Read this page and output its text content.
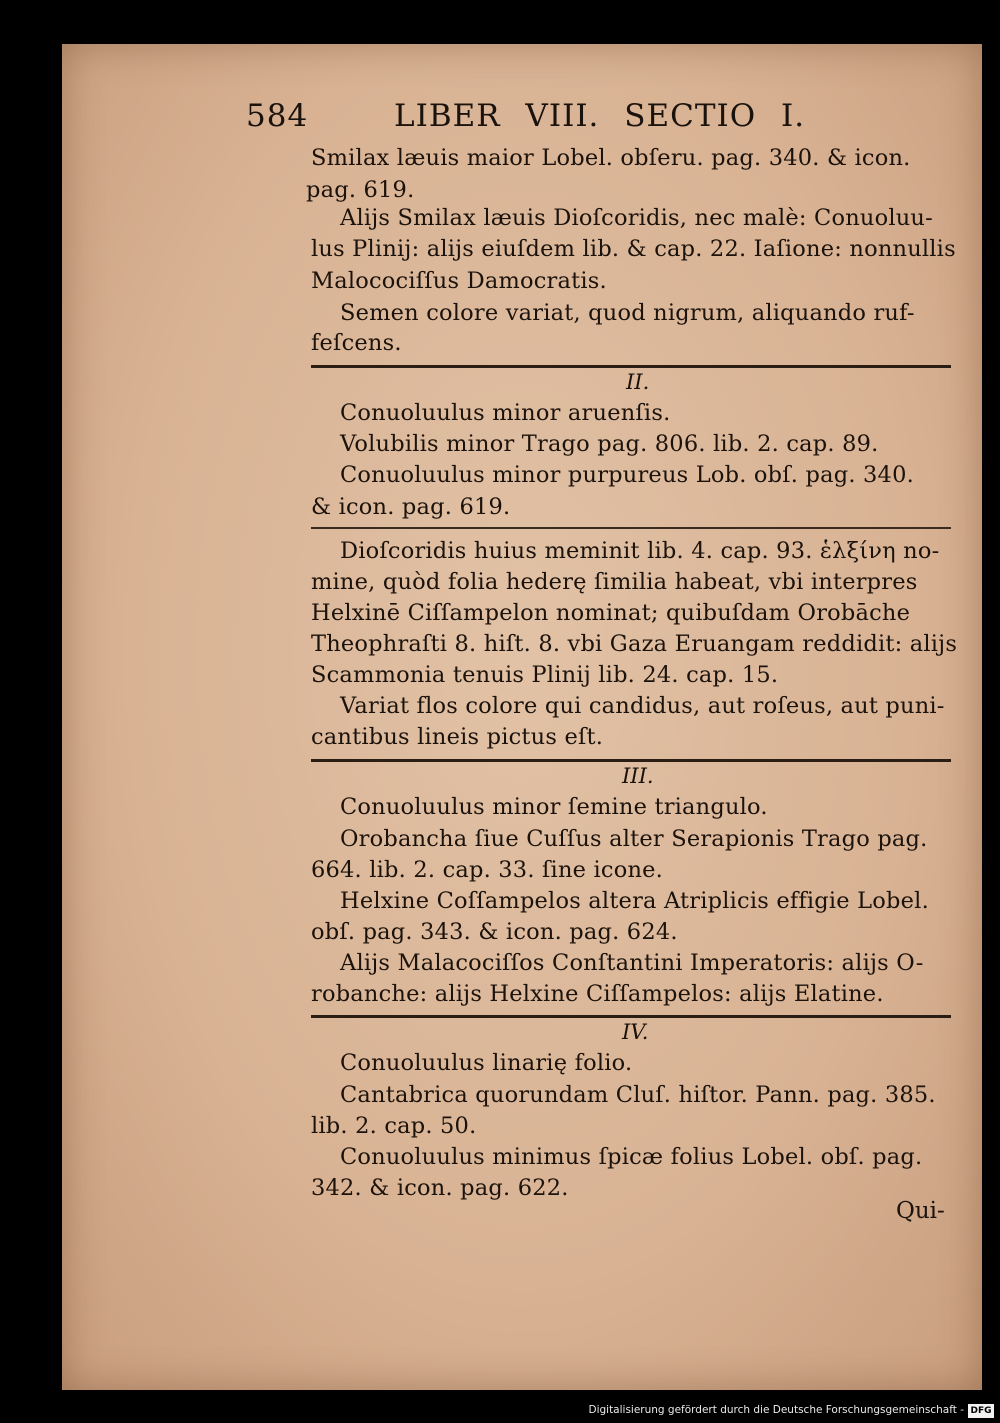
584	LIBER VIII. SECTIO I.
Smilax læuis maior Lobel. obſeru. pag. 340. & icon.
pag. 619.
Alijs Smilax læuis Dioſcoridis, nec malè: Conuoluu-
lus Plinij: alijs eiuſdem lib. & cap. 22. Iaſione: nonnullis
Malocociſſus Damocratis.
Semen colore variat, quod nigrum, aliquando ruf-
feſcens.
II.
Conuoluulus minor aruenſis.
Volubilis minor Trago pag. 806. lib. 2. cap. 89.
Conuoluulus minor purpureus Lob. obſ. pag. 340.
& icon. pag. 619.
Dioſcoridis huius meminit lib. 4. cap. 93. ἑλξίνη no-
mine, quòd folia hederę ſimilia habeat, vbi interpres
Helxinē Ciſſampelon nominat; quibuſdam Orobāche
Theophraſti 8. hiſt. 8. vbi Gaza Eruangam reddidit: alijs
Scammonia tenuis Plinij lib. 24. cap. 15.
Variat flos colore qui candidus, aut roſeus, aut puni-
cantibus lineis pictus eſt.
III.
Conuoluulus minor ſemine triangulo.
Orobancha ſiue Cuſſus alter Serapionis Trago pag.
664. lib. 2. cap. 33. ſine icone.
Helxine Coſſampelos altera Atriplicis effigie Lobel.
obſ. pag. 343. & icon. pag. 624.
Alijs Malacociſſos Conſtantini Imperatoris: alijs O-
robanche: alijs Helxine Ciſſampelos: alijs Elatine.
IV.
Conuoluulus linarię folio.
Cantabrica quorundam Cluſ. hiſtor. Pann. pag. 385.
lib. 2. cap. 50.
Conuoluulus minimus ſpicæ folius Lobel. obſ. pag.
342. & icon. pag. 622.
Qui-
Digitalisierung gefördert durch die Deutsche Forschungsgemeinschaft - DFG
